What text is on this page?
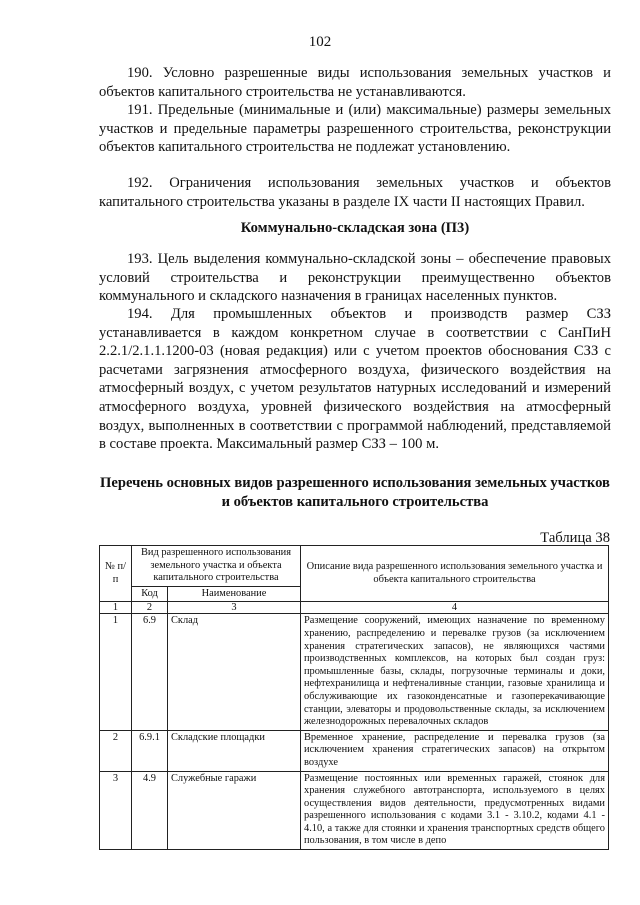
102

190. Условно разрешенные виды использования земельных участков и объектов капитального строительства не устанавливаются.

191. Предельные (минимальные и (или) максимальные) размеры земельных участков и предельные параметры разрешенного строительства, реконструкции объектов капитального строительства не подлежат установлению.

192. Ограничения использования земельных участков и объектов капитального строительства указаны в разделе IX части II настоящих Правил.

Коммунально-складская зона (П3)

193. Цель выделения коммунально-складской зоны – обеспечение правовых условий строительства и реконструкции преимущественно объектов коммунального и складского назначения в границах населенных пунктов.

194. Для промышленных объектов и производств размер СЗЗ устанавливается в каждом конкретном случае в соответствии с СанПиН 2.2.1/2.1.1.1200-03 (новая редакция) или с учетом проектов обоснования СЗЗ с расчетами загрязнения атмосферного воздуха, физического воздействия на атмосферный воздух, с учетом результатов натурных исследований и измерений атмосферного воздуха, уровней физического воздействия на атмосферный воздух, выполненных в соответствии с программой наблюдений, представляемой в составе проекта. Максимальный размер СЗЗ – 100 м.

Перечень основных видов разрешенного использования земельных участков и объектов капитального строительства

Таблица 38
№ п/п	Вид разрешенного использования земельного участка и объекта капитального строительства		Описание вида разрешенного использования земельного участка и объекта капитального строительства
	Код	Наименование	
1	2	3	4
1	6.9	Склад	Размещение сооружений, имеющих назначение по временному хранению, распределению и перевалке грузов (за исключением хранения стратегических запасов), не являющихся частями производственных комплексов, на которых был создан груз: промышленные базы, склады, погрузочные терминалы и доки, нефтехранилища и нефтеналивные станции, газовые хранилища и обслуживающие их газоконденсатные и газоперекачивающие станции, элеваторы и продовольственные склады, за исключением железнодорожных перевалочных складов
2	6.9.1	Складские площадки	Временное хранение, распределение и перевалка грузов (за исключением хранения стратегических запасов) на открытом воздухе
3	4.9	Служебные гаражи	Размещение постоянных или временных гаражей, стоянок для хранения служебного автотранспорта, используемого в целях осуществления видов деятельности, предусмотренных видами разрешенного использования с кодами 3.1 - 3.10.2, кодами 4.1 - 4.10, а также для стоянки и хранения транспортных средств общего пользования, в том числе в депо
